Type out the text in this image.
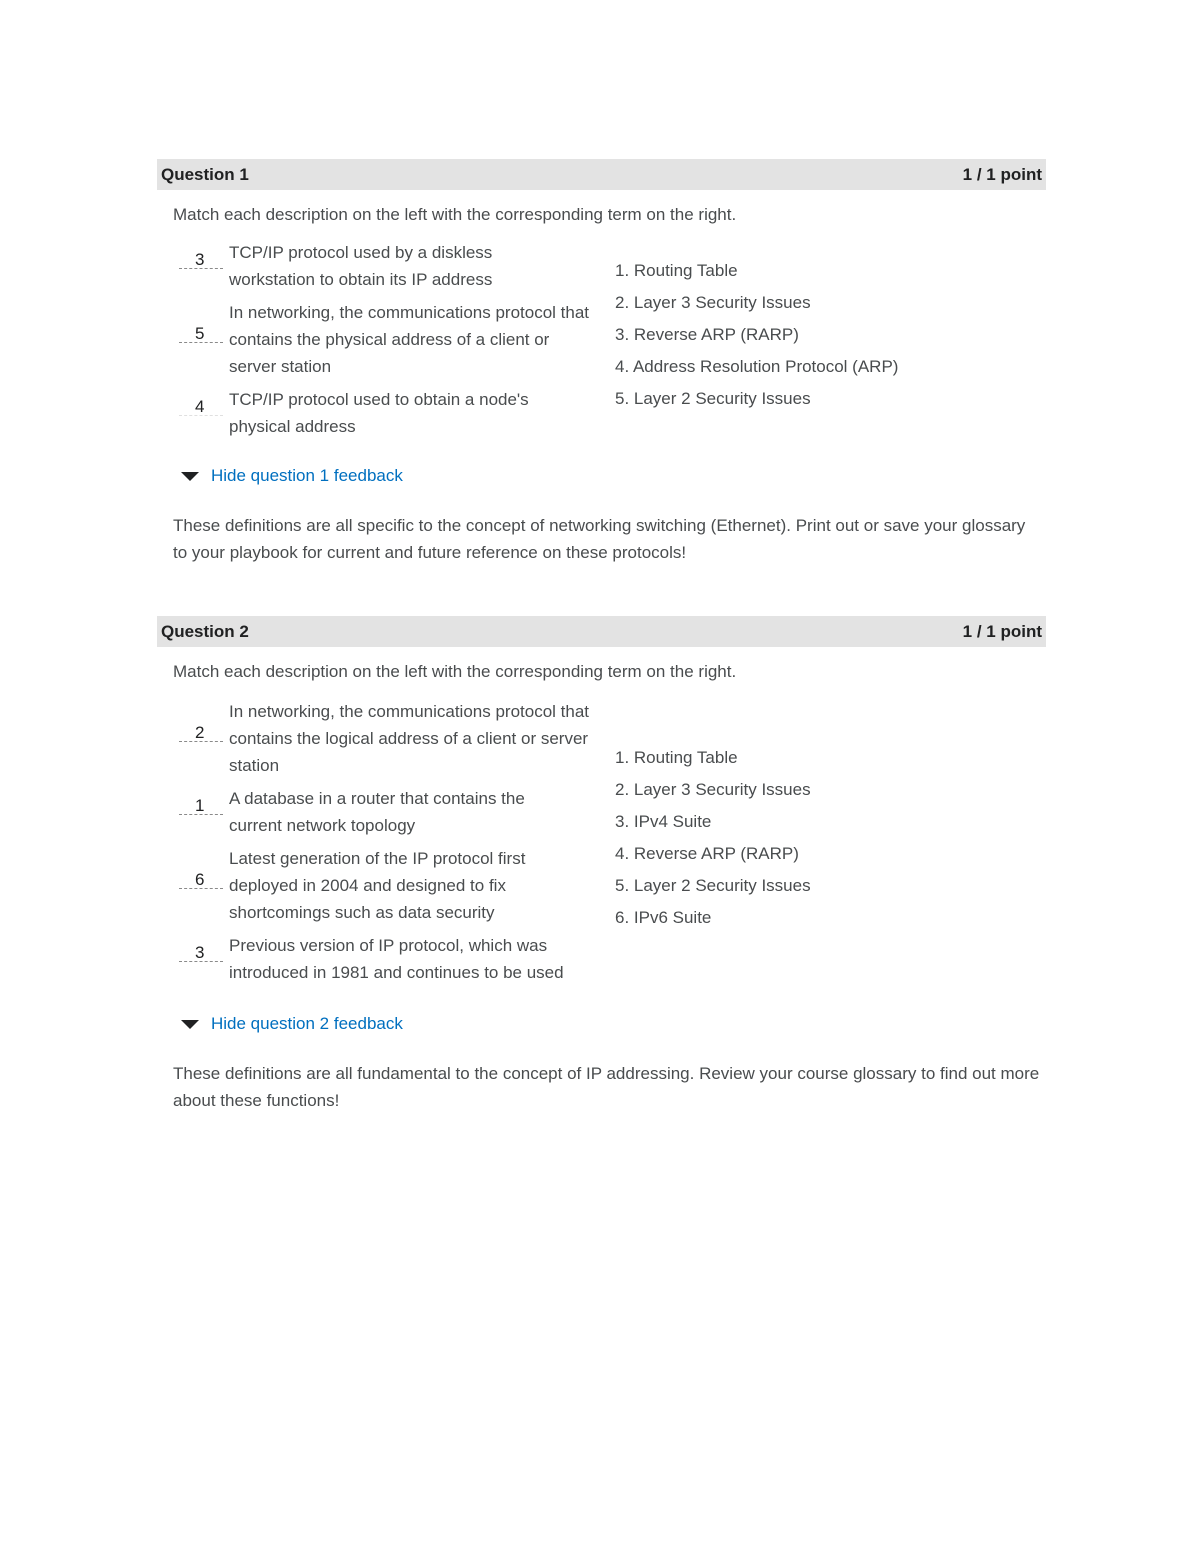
Question 1	1 / 1 point
Match each description on the left with the corresponding term on the right.
1. Routing Table
2. Layer 3 Security Issues
3. Reverse ARP (RARP)
4. Address Resolution Protocol (ARP)
5. Layer 2 Security Issues
3 TCP/IP protocol used by a diskless workstation to obtain its IP address
5
In networking, the communications protocol that contains the physical address of a client or server station
4 TCP/IP protocol used to obtain a node's physical address
Hide question 1 feedback
These definitions are all specific to the concept of networking switching (Ethernet). Print out or save your glossary to your playbook for current and future reference on these protocols!
Question 2	1 / 1 point
Match each description on the left with the corresponding term on the right.
1. Routing Table
2. Layer 3 Security Issues
3. IPv4 Suite
4. Reverse ARP (RARP)
5. Layer 2 Security Issues
6. IPv6 Suite
2
In networking, the communications protocol that contains the logical address of a client or server station
1 A database in a router that contains the current network topology
6
Latest generation of the IP protocol first deployed in 2004 and designed to fix shortcomings such as data security
3 Previous version of IP protocol, which was introduced in 1981 and continues to be used
Hide question 2 feedback
These definitions are all fundamental to the concept of IP addressing. Review your course glossary to find out more about these functions!
